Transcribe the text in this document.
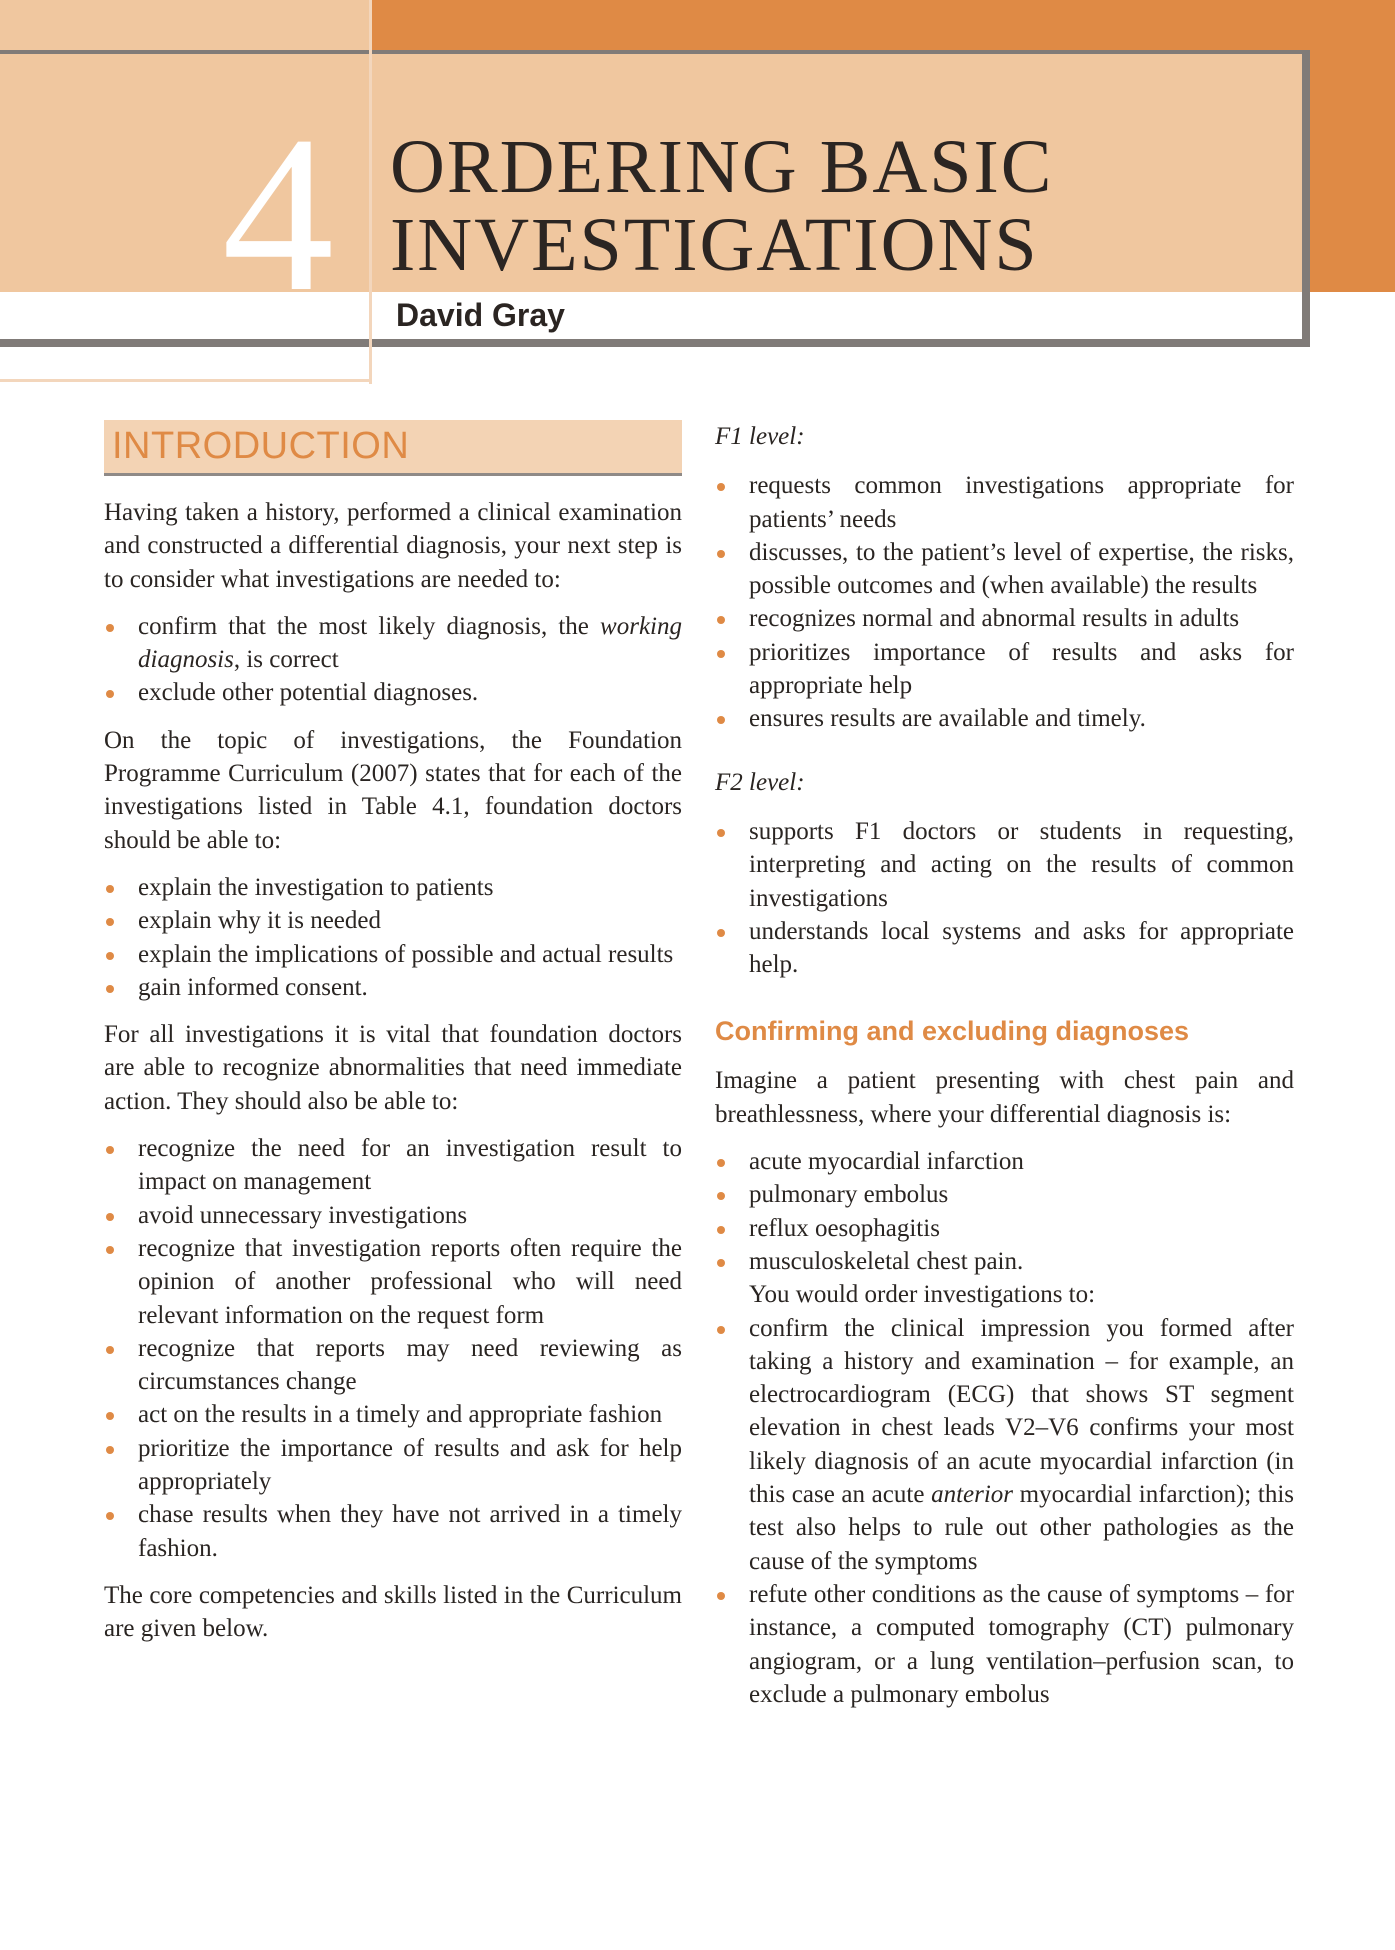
4 ORDERING BASIC
INVESTIGATIONS
David Gray
INTRODUCTION

Having taken a history, performed a clinical examination and constructed a differential diagnosis, your next step is to consider what investigations are needed to:

confirm that the most likely diagnosis, the working diagnosis, is correct
exclude other potential diagnoses.

On the topic of investigations, the Foundation Programme Curriculum (2007) states that for each of the investigations listed in Table 4.1, foundation doctors should be able to:

explain the investigation to patients
explain why it is needed
explain the implications of possible and actual results
gain informed consent.

For all investigations it is vital that foundation doctors are able to recognize abnormalities that need immediate action. They should also be able to:

recognize the need for an investigation result to impact on management
avoid unnecessary investigations
recognize that investigation reports often require the opinion of another professional who will need relevant information on the request form
recognize that reports may need reviewing as circumstances change
act on the results in a timely and appropriate fashion
prioritize the importance of results and ask for help appropriately
chase results when they have not arrived in a timely fashion.

The core competencies and skills listed in the Curriculum are given below.

F1 level:

requests common investigations appropriate for patients’ needs
discusses, to the patient’s level of expertise, the risks, possible outcomes and (when available) the results
recognizes normal and abnormal results in adults
prioritizes importance of results and asks for appropriate help
ensures results are available and timely.

F2 level:

supports F1 doctors or students in requesting, interpreting and acting on the results of common investigations
understands local systems and asks for appropriate help.
Confirming and excluding diagnoses

Imagine a patient presenting with chest pain and breathlessness, where your differential diagnosis is:

acute myocardial infarction
pulmonary embolus
reflux oesophagitis
musculoskeletal chest pain.
You would order investigations to:
confirm the clinical impression you formed after taking a history and examination – for example, an electrocardiogram (ECG) that shows ST segment elevation in chest leads V2–V6 confirms your most likely diagnosis of an acute myocardial infarction (in this case an acute anterior myocardial infarction); this test also helps to rule out other pathologies as the cause of the symptoms
refute other conditions as the cause of symptoms – for instance, a computed tomography (CT) pulmonary angiogram, or a lung ventilation–perfusion scan, to exclude a pulmonary embolus
